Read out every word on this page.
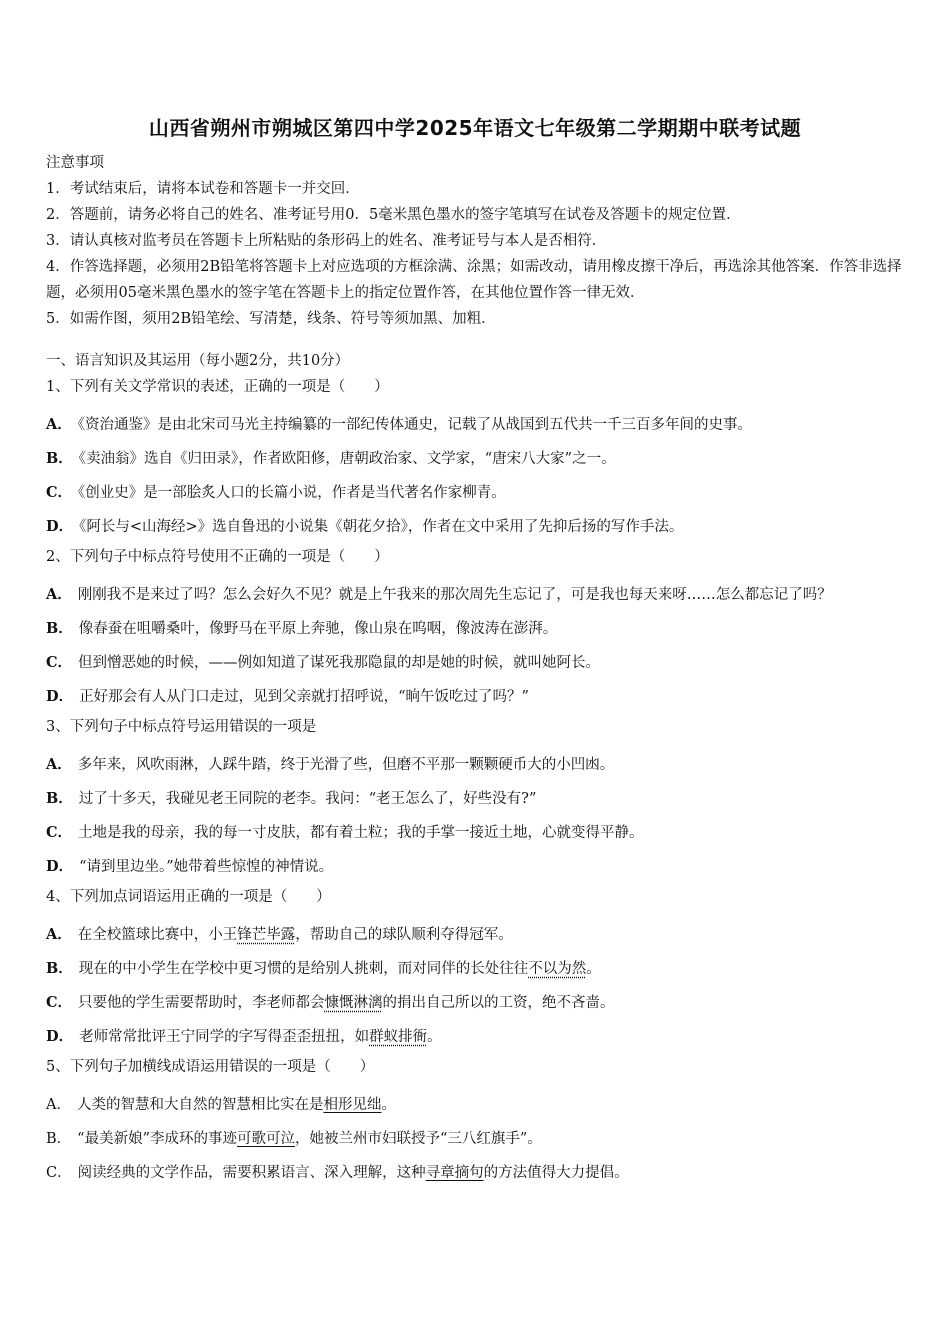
山西省朔州市朔城区第四中学2025年语文七年级第二学期期中联考试题
注意事项
1．考试结束后，请将本试卷和答题卡一并交回．
2．答题前，请务必将自己的姓名、准考证号用0．5毫米黑色墨水的签字笔填写在试卷及答题卡的规定位置．
3．请认真核对监考员在答题卡上所粘贴的条形码上的姓名、准考证号与本人是否相符．
4．作答选择题，必须用2B铅笔将答题卡上对应选项的方框涂满、涂黑；如需改动，请用橡皮擦干净后，再选涂其他答案．作答非选择题，必须用05毫米黑色墨水的签字笔在答题卡上的指定位置作答，在其他位置作答一律无效．
5．如需作图，须用2B铅笔绘、写清楚，线条、符号等须加黑、加粗．
一、语言知识及其运用（每小题2分，共10分）
1、下列有关文学常识的表述，正确的一项是（　　）
A． 《资治通鉴》是由北宋司马光主持编纂的一部纪传体通史，记载了从战国到五代共一千三百多年间的史事。
B． 《卖油翁》选自《归田录》，作者欧阳修，唐朝政治家、文学家，“唐宋八大家”之一。
C． 《创业史》是一部脍炙人口的长篇小说，作者是当代著名作家柳青。
D． 《阿长与<山海经>》选自鲁迅的小说集《朝花夕拾》，作者在文中采用了先抑后扬的写作手法。
2、下列句子中标点符号使用不正确的一项是（　　）
A． 刚刚我不是来过了吗？怎么会好久不见？就是上午我来的那次周先生忘记了，可是我也每天来呀……怎么都忘记了吗？
B． 像春蚕在咀嚼桑叶，像野马在平原上奔驰，像山泉在呜咽，像波涛在澎湃。
C． 但到憎恶她的时候，——例如知道了谋死我那隐鼠的却是她的时候，就叫她阿长。
D． 正好那会有人从门口走过，见到父亲就打招呼说，“晌午饭吃过了吗？”
3、下列句子中标点符号运用错误的一项是
A． 多年来，风吹雨淋，人踩牛踏，终于光滑了些，但磨不平那一颗颗硬币大的小凹凼。
B． 过了十多天，我碰见老王同院的老李。我问：“老王怎么了，好些没有?”
C． 土地是我的母亲，我的每一寸皮肤，都有着土粒；我的手掌一接近土地，心就变得平静。
D． “请到里边坐。”她带着些惊惶的神情说。
4、下列加点词语运用正确的一项是（　　）
A． 在全校篮球比赛中，小王锋芒毕露，帮助自己的球队顺利夺得冠军。
B． 现在的中小学生在学校中更习惯的是给别人挑刺，而对同伴的长处往往不以为然。
C． 只要他的学生需要帮助时，李老师都会慷慨淋漓的捐出自己所以的工资，绝不吝啬。
D． 老师常常批评王宁同学的字写得歪歪扭扭，如群蚁排衙。
5、下列句子加横线成语运用错误的一项是（　　）
A． 人类的智慧和大自然的智慧相比实在是相形见绌。
B． “最美新娘”李成环的事迹可歌可泣，她被兰州市妇联授予“三八红旗手”。
C． 阅读经典的文学作品，需要积累语言、深入理解，这种寻章摘句的方法值得大力提倡。
